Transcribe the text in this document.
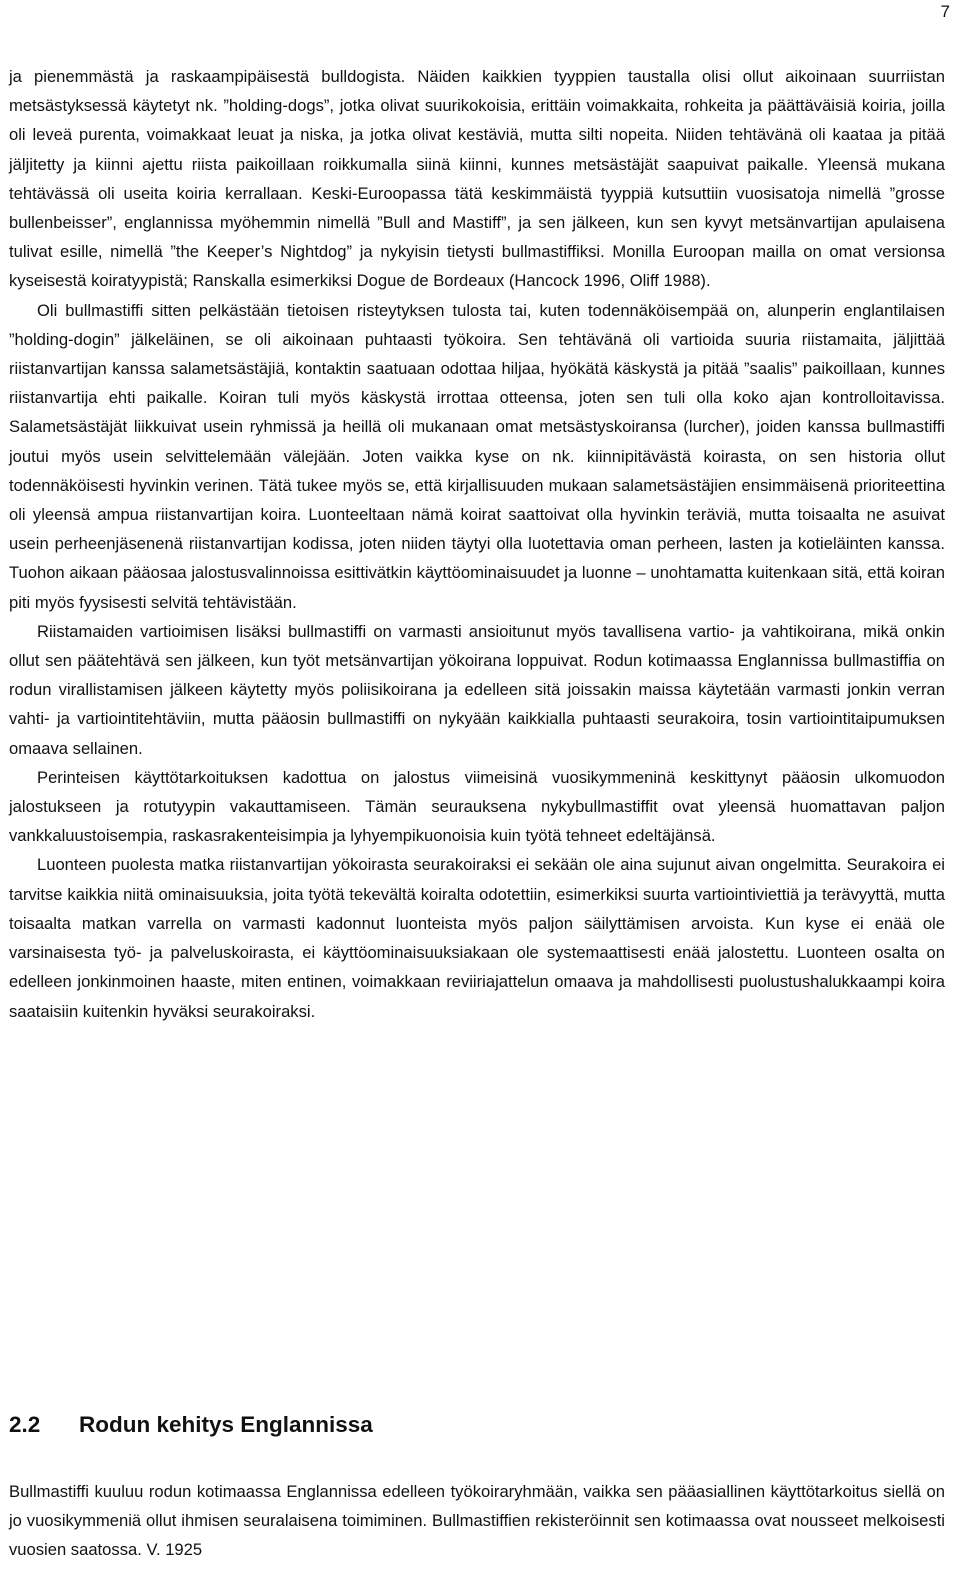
7

ja pienemmästä ja raskaampipäisestä bulldogista. Näiden kaikkien tyyppien taustalla olisi ollut aikoinaan suurriistan metsästyksessä käytetyt nk. ”holding-dogs”, jotka olivat suurikokoisia, erittäin voimakkaita, rohkeita ja päättäväisiä koiria, joilla oli leveä purenta, voimakkaat leuat ja niska, ja jotka olivat kestäviä, mutta silti nopeita. Niiden tehtävänä oli kaataa ja pitää jäljitetty ja kiinni ajettu riista paikoillaan roikkumalla siinä kiinni, kunnes metsästäjät saapuivat paikalle. Yleensä mukana tehtävässä oli useita koiria kerrallaan. Keski-Euroopassa tätä keskimmäistä tyyppiä kutsuttiin vuosisatoja nimellä ”grosse bullenbeisser”, englannissa myöhemmin nimellä ”Bull and Mastiff”, ja sen jälkeen, kun sen kyvyt metsänvartijan apulaisena tulivat esille, nimellä ”the Keeper’s Nightdog” ja nykyisin tietysti bullmastiffiksi. Monilla Euroopan mailla on omat versionsa kyseisestä koiratyypistä; Ranskalla esimerkiksi Dogue de Bordeaux (Hancock 1996, Oliff 1988).

Oli bullmastiffi sitten pelkästään tietoisen risteytyksen tulosta tai, kuten todennäköisempää on, alunperin englantilaisen ”holding-dogin” jälkeläinen, se oli aikoinaan puhtaasti työkoira. Sen tehtävänä oli vartioida suuria riistamaita, jäljittää riistanvartijan kanssa salametsästäjiä, kontaktin saatuaan odottaa hiljaa, hyökätä käskystä ja pitää ”saalis” paikoillaan, kunnes riistanvartija ehti paikalle. Koiran tuli myös käskystä irrottaa otteensa, joten sen tuli olla koko ajan kontrolloitavissa. Salametsästäjät liikkuivat usein ryhmissä ja heillä oli mukanaan omat metsästyskoiransa (lurcher), joiden kanssa bullmastiffi joutui myös usein selvittelemään välejään. Joten vaikka kyse on nk. kiinnipitävästä koirasta, on sen historia ollut todennäköisesti hyvinkin verinen. Tätä tukee myös se, että kirjallisuuden mukaan salametsästäjien ensimmäisenä prioriteettina oli yleensä ampua riistanvartijan koira. Luonteeltaan nämä koirat saattoivat olla hyvinkin teräviä, mutta toisaalta ne asuivat usein perheenjäsenenä riistanvartijan kodissa, joten niiden täytyi olla luotettavia oman perheen, lasten ja kotieläinten kanssa. Tuohon aikaan pääosaa jalostusvalinnoissa esittivätkin käyttöominaisuudet ja luonne – unohtamatta kuitenkaan sitä, että koiran piti myös fyysisesti selvitä tehtävistään.

Riistamaiden vartioimisen lisäksi bullmastiffi on varmasti ansioitunut myös tavallisena vartio- ja vahtikoirana, mikä onkin ollut sen päätehtävä sen jälkeen, kun työt metsänvartijan yökoirana loppuivat. Rodun kotimaassa Englannissa bullmastiffia on rodun virallistamisen jälkeen käytetty myös poliisikoirana ja edelleen sitä joissakin maissa käytetään varmasti jonkin verran vahti- ja vartiointitehtäviin, mutta pääosin bullmastiffi on nykyään kaikkialla puhtaasti seurakoira, tosin vartiointitaipumuksen omaava sellainen.

Perinteisen käyttötarkoituksen kadottua on jalostus viimeisinä vuosikymmeninä keskittynyt pääosin ulkomuodon jalostukseen ja rotutyypin vakauttamiseen. Tämän seurauksena nykybullmastiffit ovat yleensä huomattavan paljon vankkaluustoisempia, raskasrakenteisimpia ja lyhyempikuonoisia kuin työtä tehneet edeltäjänsä.

Luonteen puolesta matka riistanvartijan yökoirasta seurakoiraksi ei sekään ole aina sujunut aivan ongelmitta. Seurakoira ei tarvitse kaikkia niitä ominaisuuksia, joita työtä tekevältä koiralta odotettiin, esimerkiksi suurta vartiointiviettiä ja terävyyttä, mutta toisaalta matkan varrella on varmasti kadonnut luonteista myös paljon säilyttämisen arvoista. Kun kyse ei enää ole varsinaisesta työ- ja palveluskoirasta, ei käyttöominaisuuksiakaan ole systemaattisesti enää jalostettu. Luonteen osalta on edelleen jonkinmoinen haaste, miten entinen, voimakkaan reviiriajattelun omaava ja mahdollisesti puolustushalukkaampi koira saataisiin kuitenkin hyväksi seurakoiraksi.

2.2 Rodun kehitys Englannissa

Bullmastiffi kuuluu rodun kotimaassa Englannissa edelleen työkoiraryhmään, vaikka sen pääasiallinen käyttötarkoitus siellä on jo vuosikymmeniä ollut ihmisen seuralaisena toimiminen. Bullmastiffien rekisteröinnit sen kotimaassa ovat nousseet melkoisesti vuosien saatossa. V. 1925
